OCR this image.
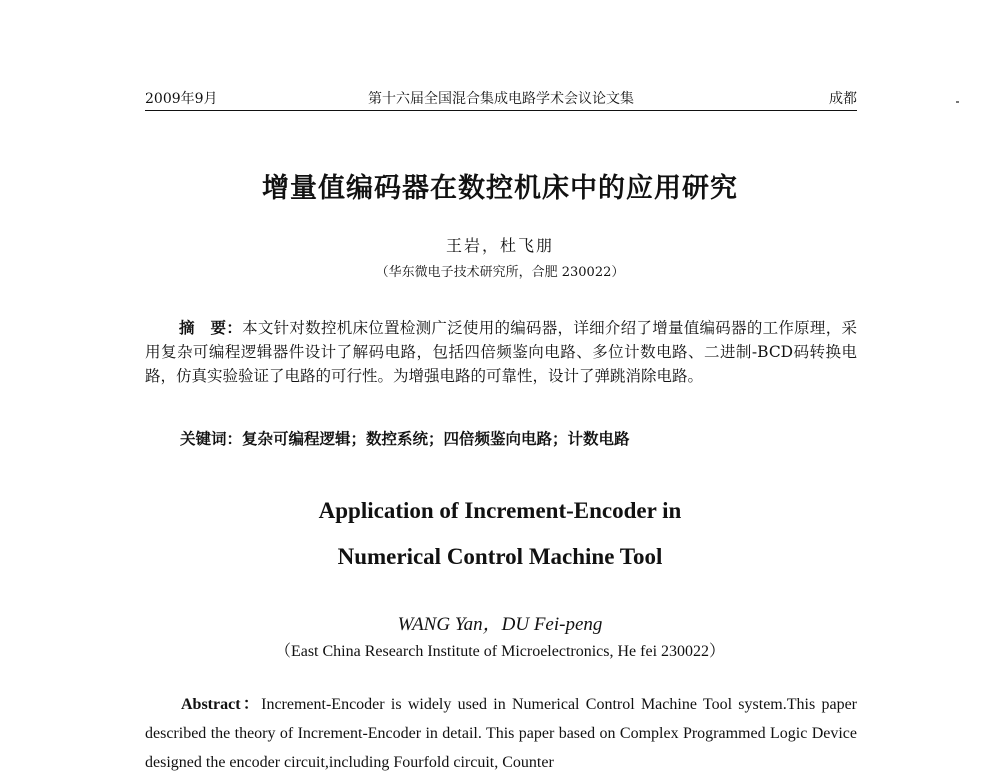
2009年9月	第十六届全国混合集成电路学术会议论文集	成都
增量值编码器在数控机床中的应用研究
王岩，杜飞朋
（华东微电子技术研究所，合肥 230022）

摘　要：本文针对数控机床位置检测广泛使用的编码器，详细介绍了增量值编码器的工作原理，采用复杂可编程逻辑器件设计了解码电路，包括四倍频鉴向电路、多位计数电路、二进制-BCD码转换电路，仿真实验验证了电路的可行性。为增强电路的可靠性，设计了弹跳消除电路。

关键词：复杂可编程逻辑；数控系统；四倍频鉴向电路；计数电路
Application of Increment-Encoder in
Numerical Control Machine Tool
WANG Yan，DU Fei-peng
（East China Research Institute of Microelectronics, He fei 230022）

Abstract：Increment-Encoder is widely used in Numerical Control Machine Tool system.This paper described the theory of Increment-Encoder in detail. This paper based on Complex Programmed Logic Device designed the encoder circuit,including Fourfold circuit, Counter
